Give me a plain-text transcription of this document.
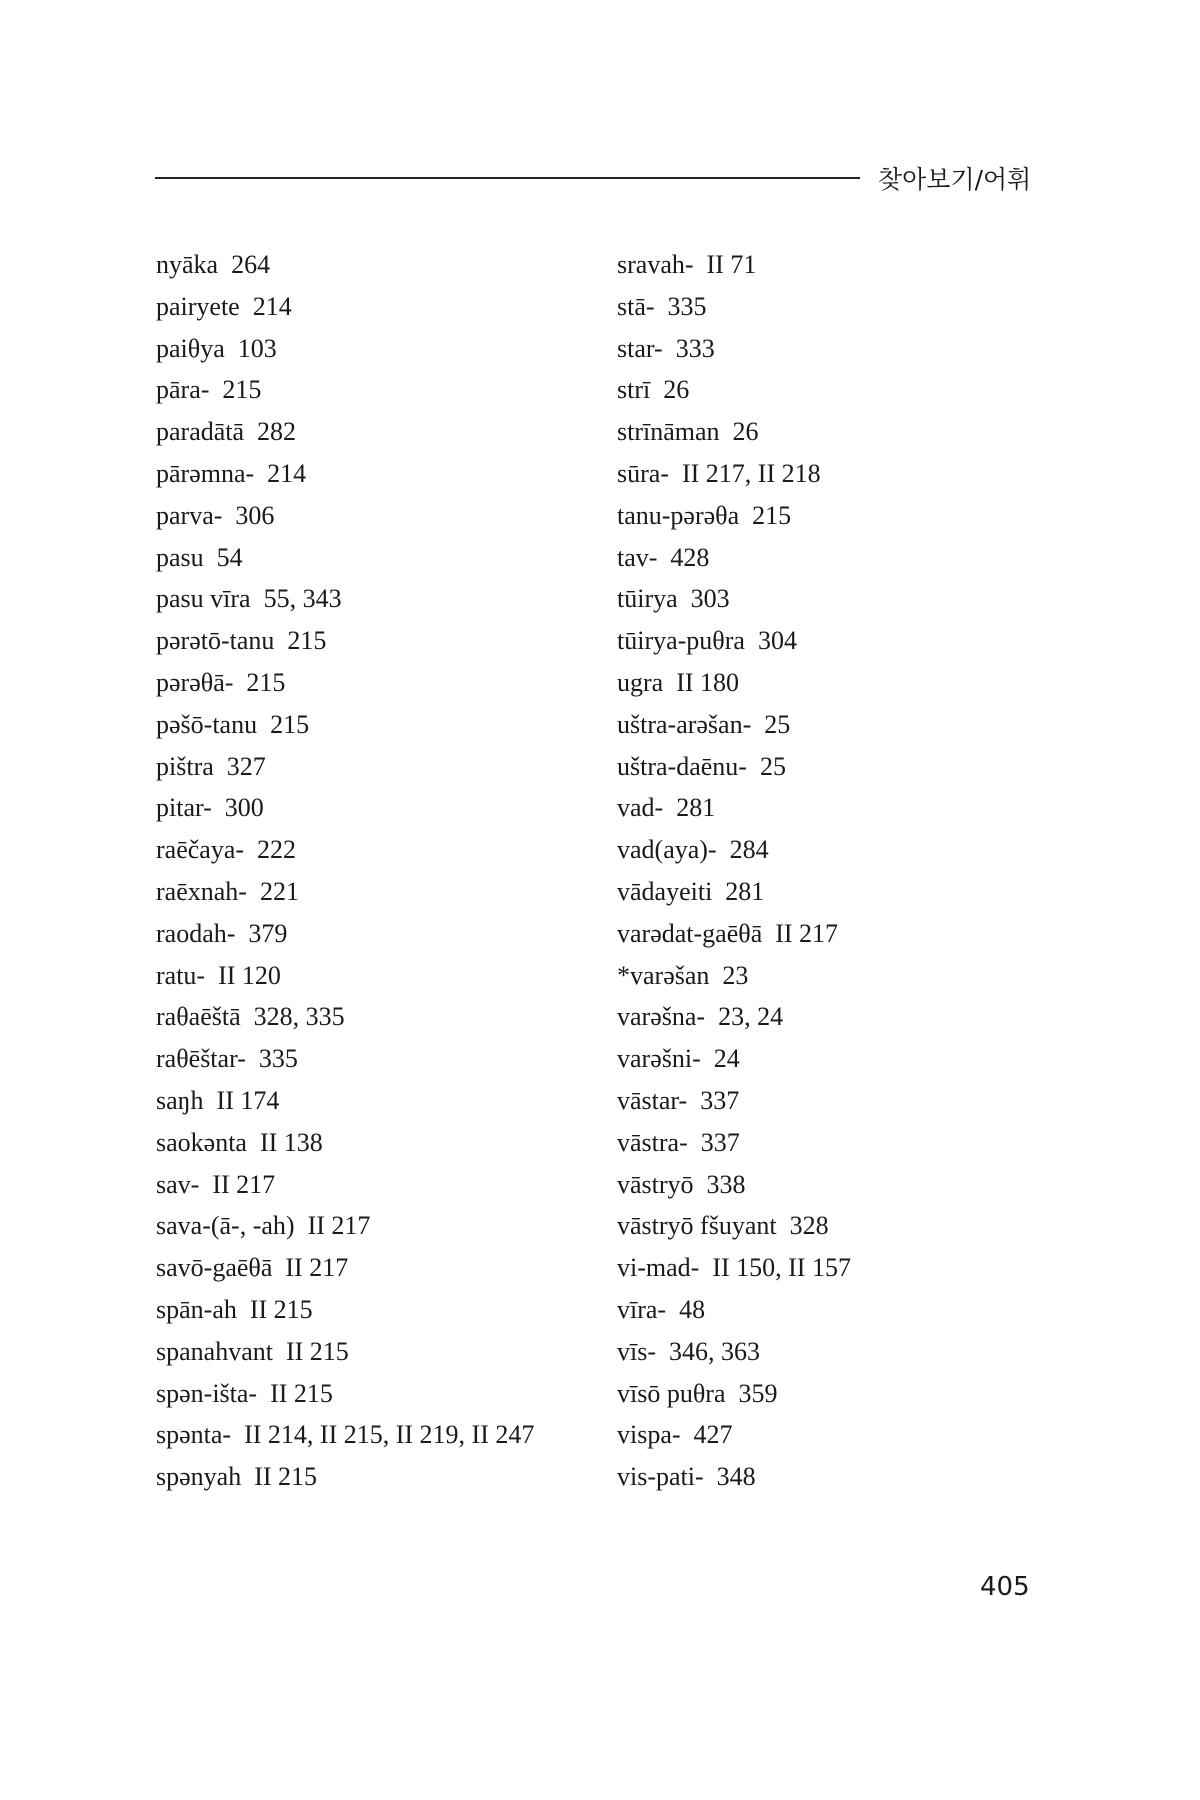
찾아보기/어휘
nyāka 264
pairyete 214
paiθya 103
pāra- 215
paradātā 282
pārəmna- 214
parva- 306
pasu 54
pasu vīra 55, 343
pərətō-tanu 215
pərəθā- 215
pəšō-tanu 215
pištra 327
pitar- 300
raēčaya- 222
raēxnah- 221
raodah- 379
ratu- II 120
raθaēštā 328, 335
raθēštar- 335
saŋh II 174
saokənta II 138
sav- II 217
sava-(ā-, -ah) II 217
savō-gaēθā II 217
spān-ah II 215
spanahvant II 215
spən-išta- II 215
spənta- II 214, II 215, II 219, II 247
spənyah II 215
sravah- II 71
stā- 335
star- 333
strī 26
strīnāman 26
sūra- II 217, II 218
tanu-pərəθa 215
tav- 428
tūirya 303
tūirya-puθra 304
ugra II 180
uštra-arəšan- 25
uštra-daēnu- 25
vad- 281
vad(aya)- 284
vādayeiti 281
varədat-gaēθā II 217
*varəšan 23
varəšna- 23, 24
varəšni- 24
vāstar- 337
vāstra- 337
vāstryō 338
vāstryō fšuyant 328
vi-mad- II 150, II 157
vīra- 48
vīs- 346, 363
vīsō puθra 359
vispa- 427
vis-pati- 348
405
